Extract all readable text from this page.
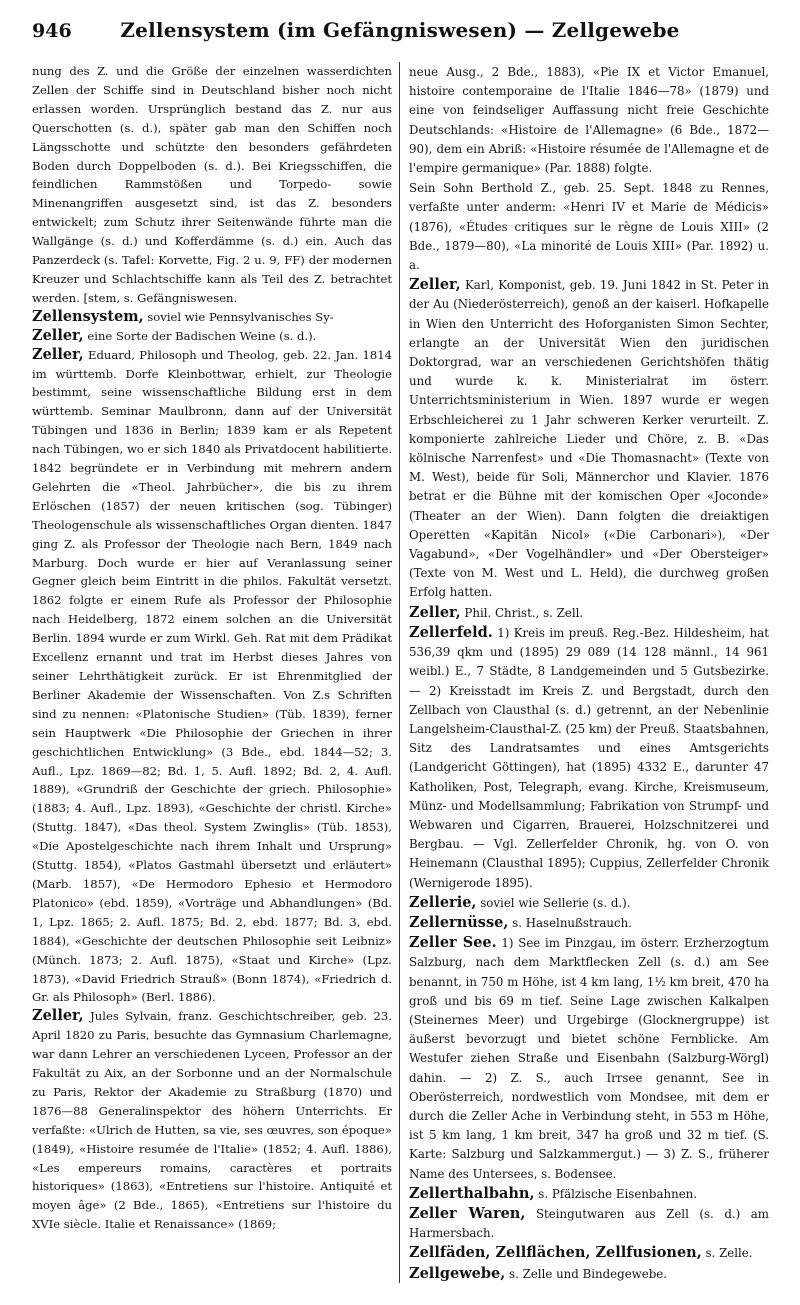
946	Zellensystem (im Gefängniswesen) — Zellgewebe

nung des Z. und die Größe der einzelnen wasserdichten Zellen der Schiffe sind in Deutschland bisher noch nicht erlassen worden. Ursprünglich bestand das Z. nur aus Querschotten (s. d.), später gab man den Schiffen noch Längsschotte und schützte den besonders gefährdeten Boden durch Doppelboden (s. d.). Bei Kriegsschiffen, die feindlichen Rammstößen und Torpedo- sowie Minenangriffen ausgesetzt sind, ist das Z. besonders entwickelt; zum Schutz ihrer Seitenwände führte man die Wallgänge (s. d.) und Kofferdämme (s. d.) ein. Auch das Panzerdeck (s. Tafel: Korvette, Fig. 2 u. 9, FF) der modernen Kreuzer und Schlachtschiffe kann als Teil des Z. betrachtet werden. [stem, s. Gefängniswesen.

Zellensystem, soviel wie Pennsylvanisches Sy-

Zeller, eine Sorte der Badischen Weine (s. d.).

Zeller, Eduard, Philosoph und Theolog, geb. 22. Jan. 1814 im württemb. Dorfe Kleinbottwar, erhielt, zur Theologie bestimmt, seine wissenschaftliche Bildung erst in dem württemb. Seminar Maulbronn, dann auf der Universität Tübingen und 1836 in Berlin; 1839 kam er als Repetent nach Tübingen, wo er sich 1840 als Privatdocent habilitierte. 1842 begründete er in Verbindung mit mehrern andern Gelehrten die «Theol. Jahrbücher», die bis zu ihrem Erlöschen (1857) der neuen kritischen (sog. Tübinger) Theologenschule als wissenschaftliches Organ dienten. 1847 ging Z. als Professor der Theologie nach Bern, 1849 nach Marburg. Doch wurde er hier auf Veranlassung seiner Gegner gleich beim Eintritt in die philos. Fakultät versetzt. 1862 folgte er einem Rufe als Professor der Philosophie nach Heidelberg, 1872 einem solchen an die Universität Berlin. 1894 wurde er zum Wirkl. Geh. Rat mit dem Prädikat Excellenz ernannt und trat im Herbst dieses Jahres von seiner Lehrthätigkeit zurück. Er ist Ehrenmitglied der Berliner Akademie der Wissenschaften. Von Z.s Schriften sind zu nennen: «Platonische Studien» (Tüb. 1839), ferner sein Hauptwerk «Die Philosophie der Griechen in ihrer geschichtlichen Entwicklung» (3 Bde., ebd. 1844—52; 3. Aufl., Lpz. 1869—82; Bd. 1, 5. Aufl. 1892; Bd. 2, 4. Aufl. 1889), «Grundriß der Geschichte der griech. Philosophie» (1883; 4. Aufl., Lpz. 1893), «Geschichte der christl. Kirche» (Stuttg. 1847), «Das theol. System Zwinglis» (Tüb. 1853), «Die Apostelgeschichte nach ihrem Inhalt und Ursprung» (Stuttg. 1854), «Platos Gastmahl übersetzt und erläutert» (Marb. 1857), «De Hermodoro Ephesio et Hermodoro Platonico» (ebd. 1859), «Vorträge und Abhandlungen» (Bd. 1, Lpz. 1865; 2. Aufl. 1875; Bd. 2, ebd. 1877; Bd. 3, ebd. 1884), «Geschichte der deutschen Philosophie seit Leibniz» (Münch. 1873; 2. Aufl. 1875), «Staat und Kirche» (Lpz. 1873), «David Friedrich Strauß» (Bonn 1874), «Friedrich d. Gr. als Philosoph» (Berl. 1886).

Zeller, Jules Sylvain, franz. Geschichtschreiber, geb. 23. April 1820 zu Paris, besuchte das Gymnasium Charlemagne, war dann Lehrer an verschiedenen Lyceen, Professor an der Fakultät zu Aix, an der Sorbonne und an der Normalschule zu Paris, Rektor der Akademie zu Straßburg (1870) und 1876—88 Generalinspektor des höhern Unterrichts. Er verfaßte: «Ulrich de Hutten, sa vie, ses œuvres, son époque» (1849), «Histoire resumée de l'Italie» (1852; 4. Aufl. 1886), «Les empereurs romains, caractères et portraits historiques» (1863), «Entretiens sur l'histoire. Antiquité et moyen âge» (2 Bde., 1865), «Entretiens sur l'histoire du XVIe siècle. Italie et Renaissance» (1869;

neue Ausg., 2 Bde., 1883), «Pie IX et Victor Emanuel, histoire contemporaine de l'Italie 1846—78» (1879) und eine von feindseliger Auffassung nicht freie Geschichte Deutschlands: «Histoire de l'Allemagne» (6 Bde., 1872—90), dem ein Abriß: «Histoire résumée de l'Allemagne et de l'empire germanique» (Par. 1888) folgte.

Sein Sohn Berthold Z., geb. 25. Sept. 1848 zu Rennes, verfaßte unter anderm: «Henri IV et Marie de Médicis» (1876), «Études critiques sur le règne de Louis XIII» (2 Bde., 1879—80), «La minorité de Louis XIII» (Par. 1892) u. a.

Zeller, Karl, Komponist, geb. 19. Juni 1842 in St. Peter in der Au (Niederösterreich), genoß an der kaiserl. Hofkapelle in Wien den Unterricht des Hoforganisten Simon Sechter, erlangte an der Universität Wien den juridischen Doktorgrad, war an verschiedenen Gerichtshöfen thätig und wurde k. k. Ministerialrat im österr. Unterrichtsministerium in Wien. 1897 wurde er wegen Erbschleicherei zu 1 Jahr schweren Kerker verurteilt. Z. komponierte zahlreiche Lieder und Chöre, z. B. «Das kölnische Narrenfest» und «Die Thomasnacht» (Texte von M. West), beide für Soli, Männerchor und Klavier. 1876 betrat er die Bühne mit der komischen Oper «Joconde» (Theater an der Wien). Dann folgten die dreiaktigen Operetten «Kapitän Nicol» («Die Carbonari»), «Der Vagabund», «Der Vogelhändler» und «Der Obersteiger» (Texte von M. West und L. Held), die durchweg großen Erfolg hatten.

Zeller, Phil. Christ., s. Zell.

Zellerfeld. 1) Kreis im preuß. Reg.-Bez. Hildesheim, hat 536,39 qkm und (1895) 29 089 (14 128 männl., 14 961 weibl.) E., 7 Städte, 8 Landgemeinden und 5 Gutsbezirke. — 2) Kreisstadt im Kreis Z. und Bergstadt, durch den Zellbach von Clausthal (s. d.) getrennt, an der Nebenlinie Langelsheim-Clausthal-Z. (25 km) der Preuß. Staatsbahnen, Sitz des Landratsamtes und eines Amtsgerichts (Landgericht Göttingen), hat (1895) 4332 E., darunter 47 Katholiken, Post, Telegraph, evang. Kirche, Kreismuseum, Münz- und Modellsammlung; Fabrikation von Strumpf- und Webwaren und Cigarren, Brauerei, Holzschnitzerei und Bergbau. — Vgl. Zellerfelder Chronik, hg. von O. von Heinemann (Clausthal 1895); Cuppius, Zellerfelder Chronik (Wernigerode 1895).

Zellerie, soviel wie Sellerie (s. d.).

Zellernüsse, s. Haselnußstrauch.

Zeller See. 1) See im Pinzgau, im österr. Erzherzogtum Salzburg, nach dem Marktflecken Zell (s. d.) am See benannt, in 750 m Höhe, ist 4 km lang, 1½ km breit, 470 ha groß und bis 69 m tief. Seine Lage zwischen Kalkalpen (Steinernes Meer) und Urgebirge (Glocknergruppe) ist äußerst bevorzugt und bietet schöne Fernblicke. Am Westufer ziehen Straße und Eisenbahn (Salzburg-Wörgl) dahin. — 2) Z. S., auch Irrsee genannt, See in Oberösterreich, nordwestlich vom Mondsee, mit dem er durch die Zeller Ache in Verbindung steht, in 553 m Höhe, ist 5 km lang, 1 km breit, 347 ha groß und 32 m tief. (S. Karte: Salzburg und Salzkammergut.) — 3) Z. S., früherer Name des Untersees, s. Bodensee.

Zellerthalbahn, s. Pfälzische Eisenbahnen.

Zeller Waren, Steingutwaren aus Zell (s. d.) am Harmersbach.

Zellfäden, Zellflächen, Zellfusionen, s. Zelle.

Zellgewebe, s. Zelle und Bindegewebe.
